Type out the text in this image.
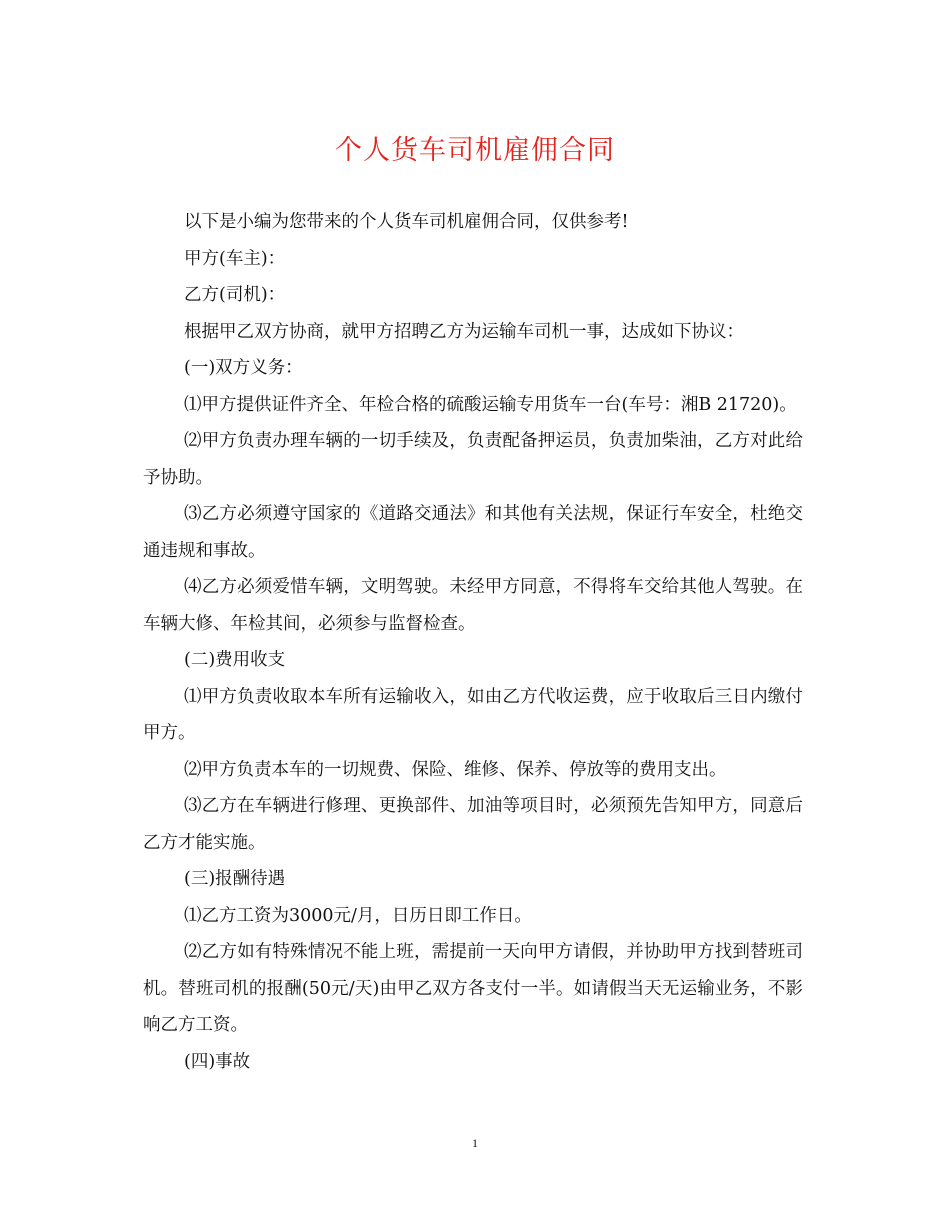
个人货车司机雇佣合同

以下是小编为您带来的个人货车司机雇佣合同，仅供参考!

甲方(车主)：

乙方(司机)：

根据甲乙双方协商，就甲方招聘乙方为运输车司机一事，达成如下协议：

(一)双方义务：

⑴甲方提供证件齐全、年检合格的硫酸运输专用货车一台(车号：湘B 21720)。

⑵甲方负责办理车辆的一切手续及，负责配备押运员，负责加柴油，乙方对此给予协助。

⑶乙方必须遵守国家的《道路交通法》和其他有关法规，保证行车安全，杜绝交通违规和事故。

⑷乙方必须爱惜车辆，文明驾驶。未经甲方同意，不得将车交给其他人驾驶。在车辆大修、年检其间，必须参与监督检查。

(二)费用收支

⑴甲方负责收取本车所有运输收入，如由乙方代收运费，应于收取后三日内缴付甲方。

⑵甲方负责本车的一切规费、保险、维修、保养、停放等的费用支出。

⑶乙方在车辆进行修理、更换部件、加油等项目时，必须预先告知甲方，同意后乙方才能实施。

(三)报酬待遇

⑴乙方工资为3000元/月，日历日即工作日。

⑵乙方如有特殊情况不能上班，需提前一天向甲方请假，并协助甲方找到替班司机。替班司机的报酬(50元/天)由甲乙双方各支付一半。如请假当天无运输业务，不影响乙方工资。

(四)事故

1
